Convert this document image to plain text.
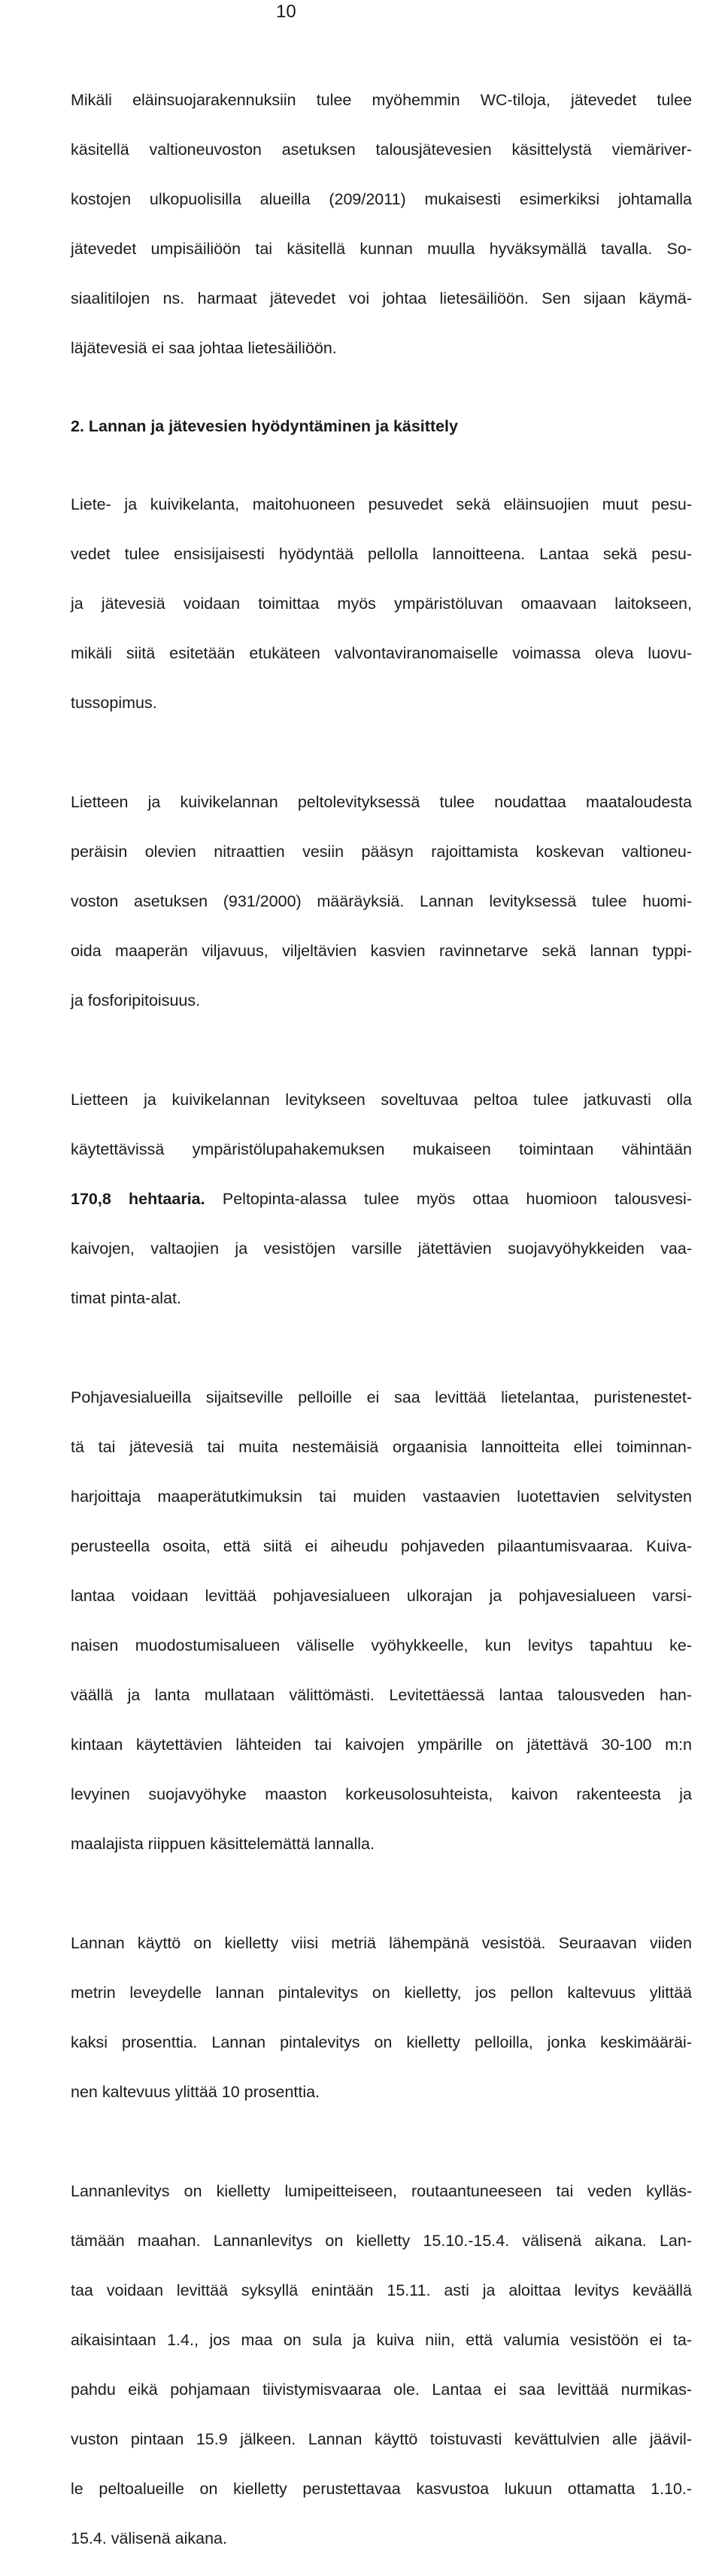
10

Mikäli eläinsuojarakennuksiin tulee myöhemmin WC-tiloja, jätevedet tulee

käsitellä valtioneuvoston asetuksen talousjätevesien käsittelystä viemäriver-

kostojen ulkopuolisilla alueilla (209/2011) mukaisesti esimerkiksi johtamalla

jätevedet umpisäiliöön tai käsitellä kunnan muulla hyväksymällä tavalla. So-

siaalitilojen ns. harmaat jätevedet voi johtaa lietesäiliöön. Sen sijaan käymä-

läjätevesiä ei saa johtaa lietesäiliöön.

2. Lannan ja jätevesien hyödyntäminen ja käsittely

Liete- ja kuivikelanta, maitohuoneen pesuvedet sekä eläinsuojien muut pesu-

vedet tulee ensisijaisesti hyödyntää pellolla lannoitteena. Lantaa sekä pesu-

ja jätevesiä voidaan toimittaa myös ympäristöluvan omaavaan laitokseen,

mikäli siitä esitetään etukäteen valvontaviranomaiselle voimassa oleva luovu-

tussopimus.

Lietteen ja kuivikelannan peltolevityksessä tulee noudattaa maataloudesta

peräisin olevien nitraattien vesiin pääsyn rajoittamista koskevan valtioneu-

voston asetuksen (931/2000) määräyksiä. Lannan levityksessä tulee huomi-

oida maaperän viljavuus, viljeltävien kasvien ravinnetarve sekä lannan typpi-

ja fosforipitoisuus.

Lietteen ja kuivikelannan levitykseen soveltuvaa peltoa tulee jatkuvasti olla

käytettävissä ympäristölupahakemuksen mukaiseen toimintaan vähintään

170,8 hehtaaria. Peltopinta-alassa tulee myös ottaa huomioon talousvesi-

kaivojen, valtaojien ja vesistöjen varsille jätettävien suojavyöhykkeiden vaa-

timat pinta-alat.

Pohjavesialueilla sijaitseville pelloille ei saa levittää lietelantaa, puristenestet-

tä tai jätevesiä tai muita nestemäisiä orgaanisia lannoitteita ellei toiminnan-

harjoittaja maaperätutkimuksin tai muiden vastaavien luotettavien selvitysten

perusteella osoita, että siitä ei aiheudu pohjaveden pilaantumisvaaraa. Kuiva-

lantaa voidaan levittää pohjavesialueen ulkorajan ja pohjavesialueen varsi-

naisen muodostumisalueen väliselle vyöhykkeelle, kun levitys tapahtuu ke-

väällä ja lanta mullataan välittömästi. Levitettäessä lantaa talousveden han-

kintaan käytettävien lähteiden tai kaivojen ympärille on jätettävä 30-100 m:n

levyinen suojavyöhyke maaston korkeusolosuhteista, kaivon rakenteesta ja

maalajista riippuen käsittelemättä lannalla.

Lannan käyttö on kielletty viisi metriä lähempänä vesistöä. Seuraavan viiden

metrin leveydelle lannan pintalevitys on kielletty, jos pellon kaltevuus ylittää

kaksi prosenttia. Lannan pintalevitys on kielletty pelloilla, jonka keskimääräi-

nen kaltevuus ylittää 10 prosenttia.

Lannanlevitys on kielletty lumipeitteiseen, routaantuneeseen tai veden kylläs-

tämään maahan. Lannanlevitys on kielletty 15.10.-15.4. välisenä aikana. Lan-

taa voidaan levittää syksyllä enintään 15.11. asti ja aloittaa levitys keväällä

aikaisintaan 1.4., jos maa on sula ja kuiva niin, että valumia vesistöön ei ta-

pahdu eikä pohjamaan tiivistymisvaaraa ole. Lantaa ei saa levittää nurmikas-

vuston pintaan 15.9 jälkeen. Lannan käyttö toistuvasti kevättulvien alle jäävil-

le peltoalueille on kielletty perustettavaa kasvustoa lukuun ottamatta 1.10.-

15.4. välisenä aikana.
